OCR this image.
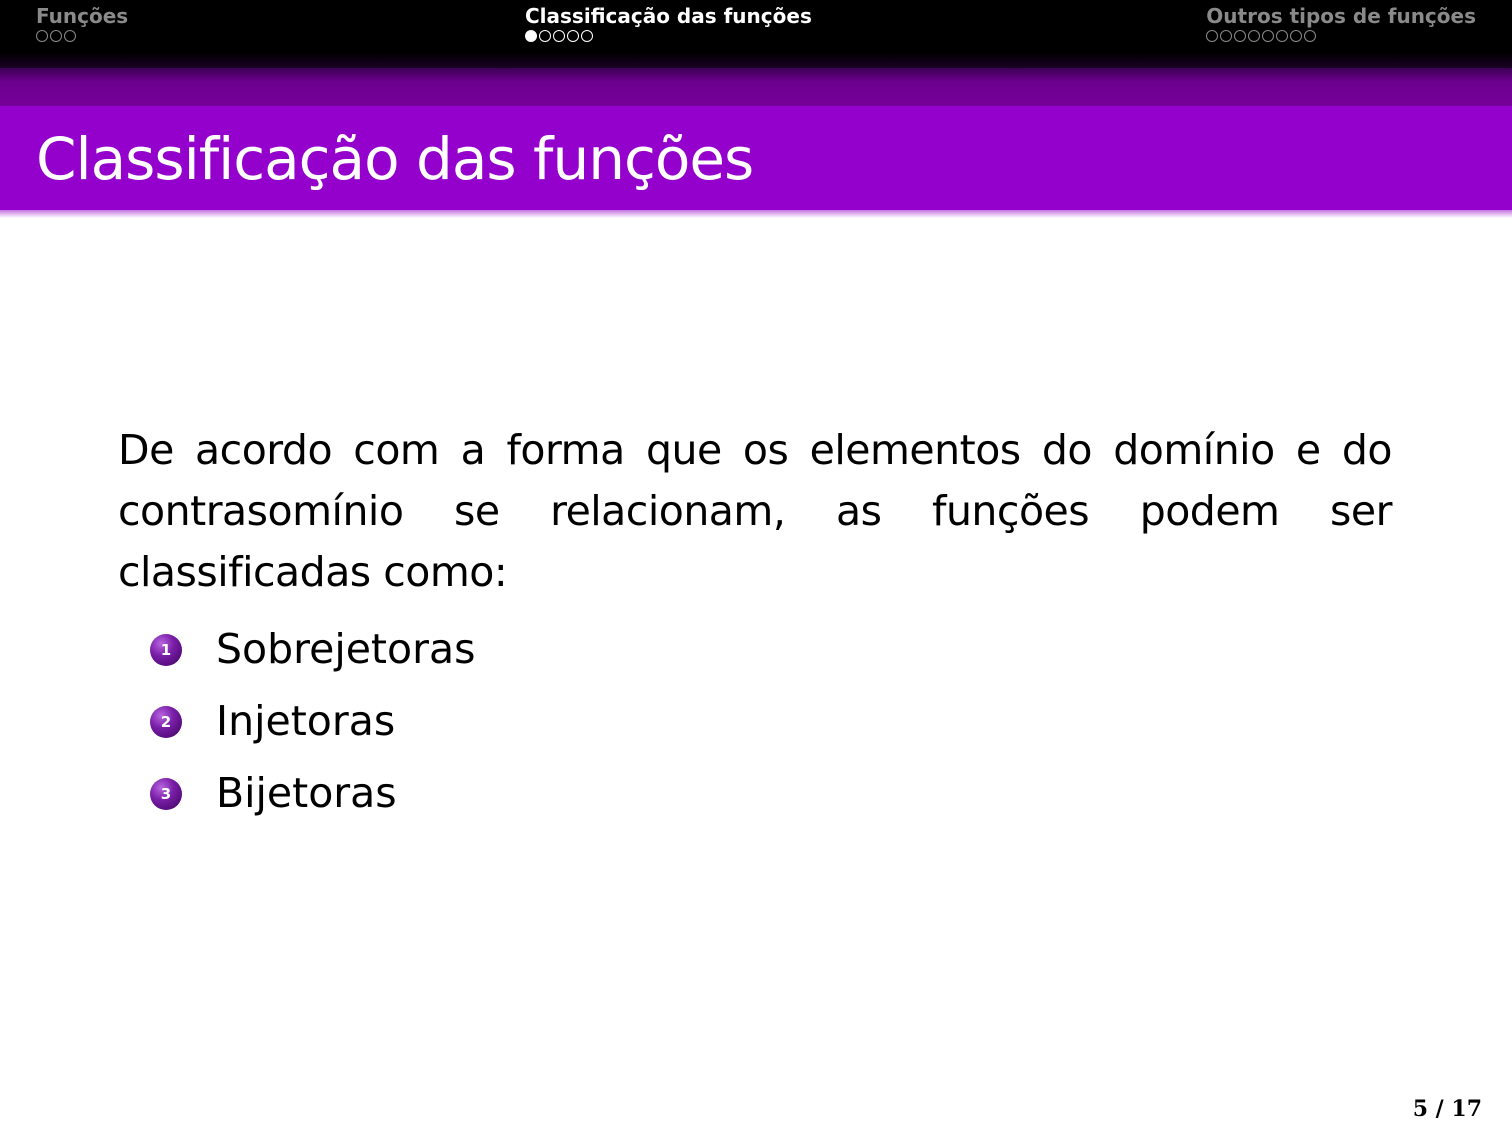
Funções	Classificação das funções	Outros tipos de funções
Classificação das funções

De acordo com a forma que os elementos do domínio e do contrasomínio se relacionam, as funções podem ser classificadas como:

1 Sobrejetoras
2 Injetoras
3 Bijetoras
5 / 17
